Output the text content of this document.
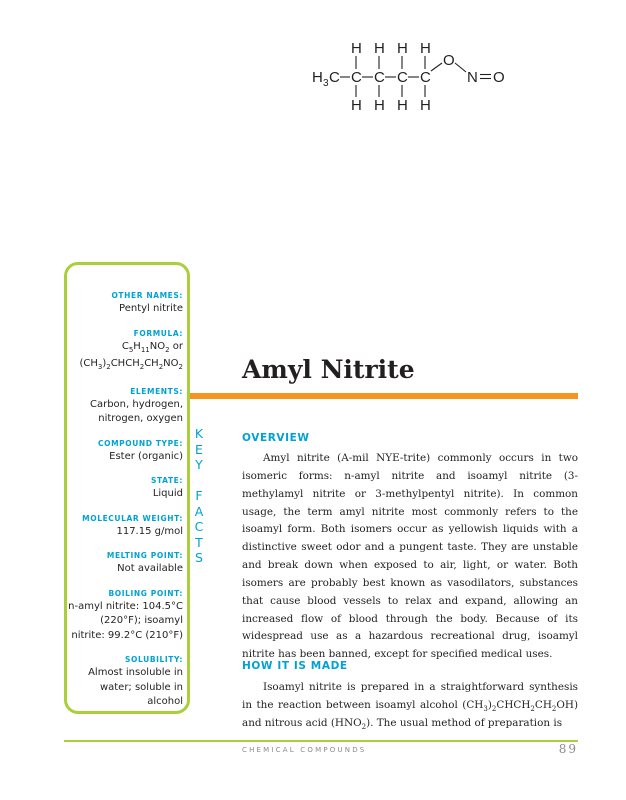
H 3 C C C C C
H H H H
H H H H
O
N O
OTHER NAMES:
Pentyl nitrite
FORMULA:
$C_5H_{11}NO_2$ or
$(CH_3)_2CHCH_2CH_2NO_2$
ELEMENTS:
Carbon, hydrogen, nitrogen, oxygen
COMPOUND TYPE:
Ester (organic)
STATE:
Liquid
MOLECULAR WEIGHT:
117.15 g/mol
MELTING POINT:
Not available
BOILING POINT:
n-amyl nitrite: 104.5°C (220°F); isoamyl nitrite: 99.2°C (210°F)
SOLUBILITY:
Almost insoluble in water; soluble in alcohol
K
E
Y

F
A
C
T
S
Amyl Nitrite
OVERVIEW

Amyl nitrite (A-mil NYE-trite) commonly occurs in two isomeric forms: n-amyl nitrite and isoamyl nitrite (3-methylamyl nitrite or 3-methylpentyl nitrite). In common usage, the term amyl nitrite most commonly refers to the isoamyl form. Both isomers occur as yellowish liquids with a distinctive sweet odor and a pungent taste. They are unstable and break down when exposed to air, light, or water. Both isomers are probably best known as vasodilators, substances that cause blood vessels to relax and expand, allowing an increased flow of blood through the body. Because of its widespread use as a hazardous recreational drug, isoamyl nitrite has been banned, except for specified medical uses.

HOW IT IS MADE

Isoamyl nitrite is prepared in a straightforward synthesis in the reaction between isoamyl alcohol $(CH_3)_2CHCH_2CH_2OH$) and nitrous acid $(HNO_2)$. The usual method of preparation is

CHEMICAL COMPOUNDS	89
